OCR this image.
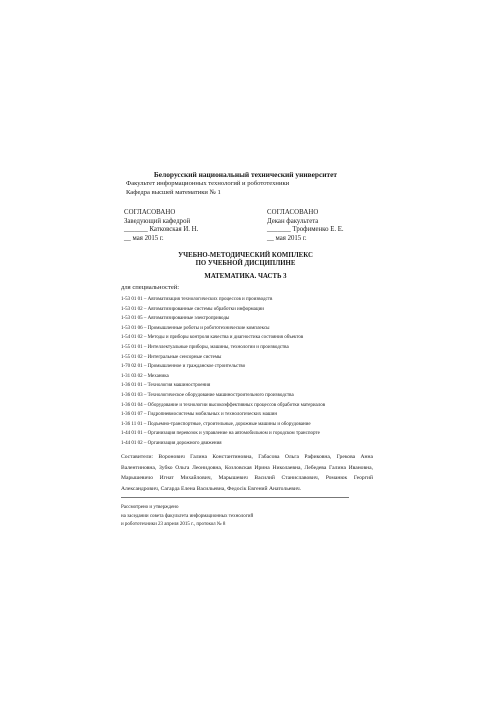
Белорусский национальный технический университет
Факультет информационных технологий и робототехники
Кафедра высшей математики № 1
СОГЛАСОВАНО
Заведующий кафедрой
_______ Катковская И. Н.
__ мая 2015 г.
СОГЛАСОВАНО
Декан факультета
_______ Трофименко Е. Е.
__ мая 2015 г.
УЧЕБНО-МЕТОДИЧЕСКИЙ КОМПЛЕКС
ПО УЧЕБНОЙ ДИСЦИПЛИНЕ
МАТЕМАТИКА. ЧАСТЬ 3
для специальностей:
1-53 01 01 – Автоматизация технологических процессов и производств
1-53 01 02 – Автоматизированные системы обработки информации
1-53 01 05 – Автоматизированные электроприводы
1-53 01 06 – Промышленные роботы и робототехнические комплексы
1-54 01 02 – Методы и приборы контроля качества и диагностика состояния объектов
1-55 01 01 – Интеллектуальные приборы, машины, технологии и производства
1-55 01 02 – Интегральные сенсорные системы
1-70 02 01 – Промышленное и гражданское строительство
1-31 03 02 – Механика
1-36 01 01 – Технология машиностроения
1-36 01 03 – Технологическое оборудование машиностроительного производства
1-36 01 04 – Оборудование и технологии высокоэффективных процессов обработки материалов
1-36 01 07 – Гидропневмосистемы мобильных и технологических машин
1-36 11 01 – Подъемно-транспортные, строительные, дорожные машины и оборудование
1-44 01 01 – Организация перевозок и управление на автомобильном и городском транспорте
1-44 01 02 – Организация дорожного движения
Составители: Воронович Галина Константиновна, Габасова Ольга Рафиковна, Грекова Анна Валентиновна, Зубко Ольга Леонидовна, Козловская Ирина Николаевна, Лебедева Галина Ивановна, Марышевичо Игнат Михайлович, Марышевич Василий Станиславович, Романюк Георгий Александрович, Сагарда Елена Васильевна, Федосік Евгений Анатольевич.
Рассмотрено и утверждено
на заседании совета факультета информационных технологий
и робототехники 23 апреля 2015 г., протокол № 8
